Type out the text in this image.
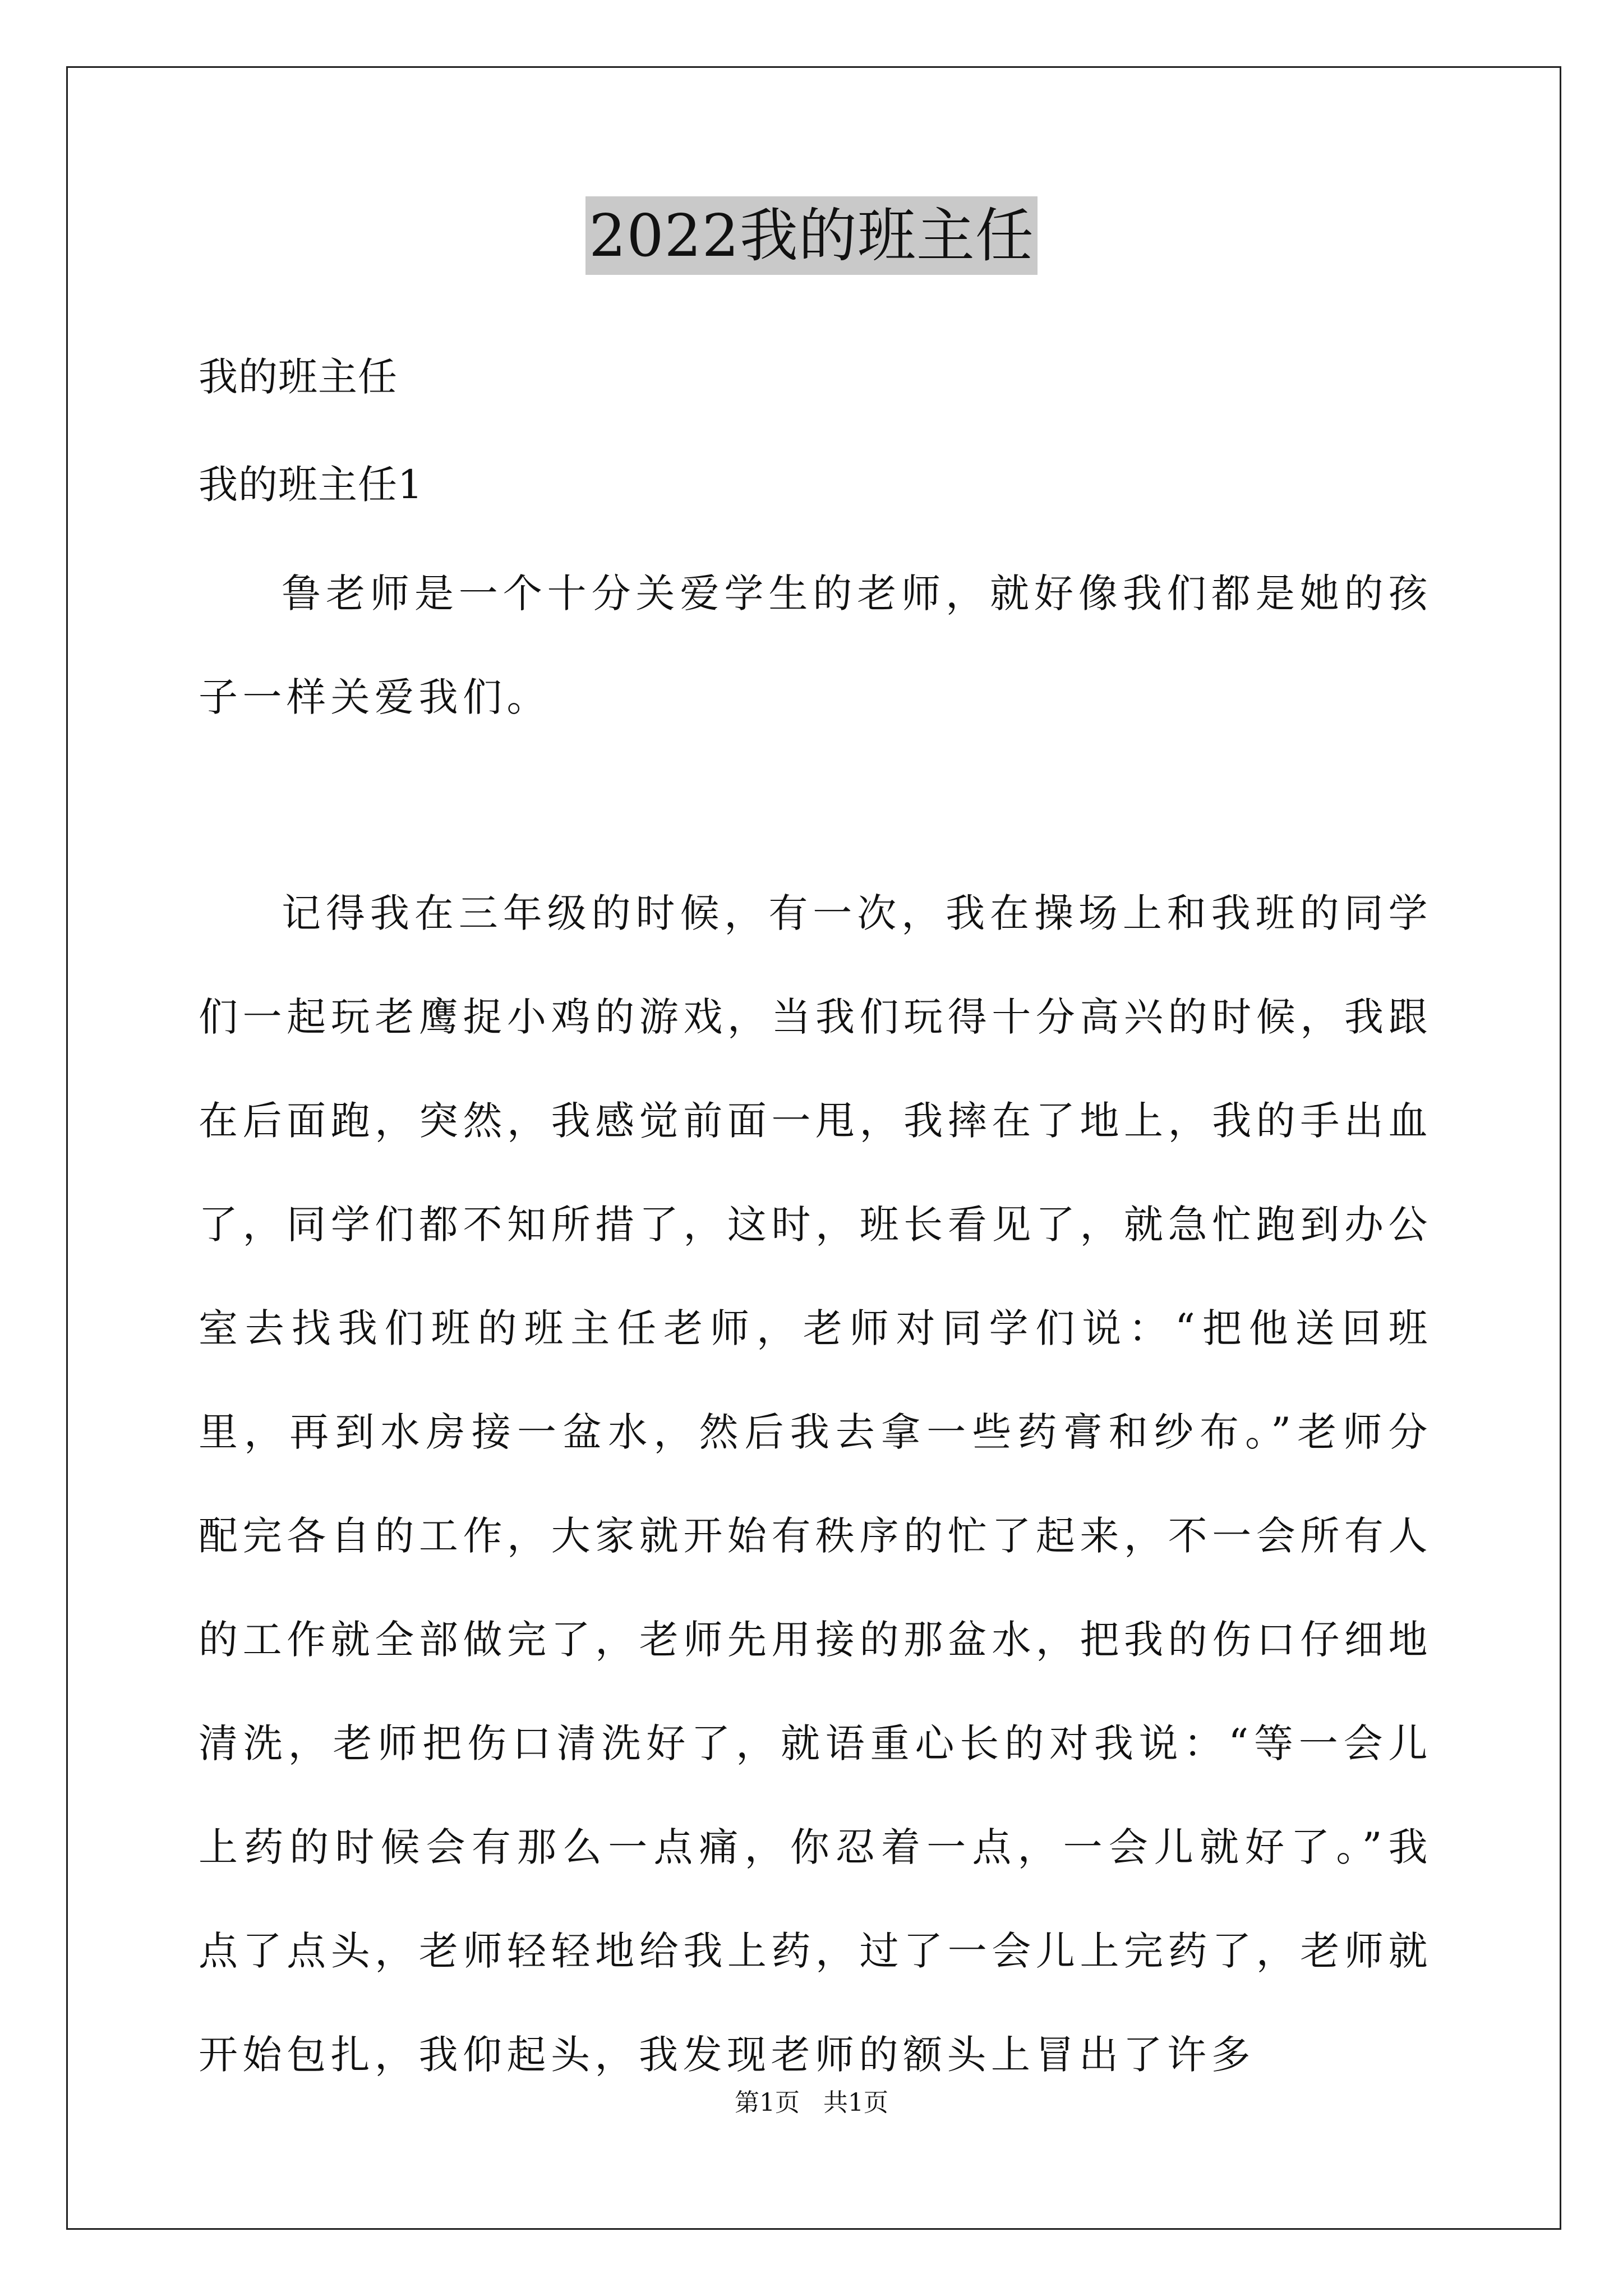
2022我的班主任
我的班主任
我的班主任1

鲁老师是一个十分关爱学生的老师，就好像我们都是她的孩子一样关爱我们。

记得我在三年级的时候，有一次，我在操场上和我班的同学们一起玩老鹰捉小鸡的游戏，当我们玩得十分高兴的时候，我跟在后面跑，突然，我感觉前面一甩，我摔在了地上，我的手出血了，同学们都不知所措了，这时，班长看见了，就急忙跑到办公室去找我们班的班主任老师，老师对同学们说：“把他送回班里，再到水房接一盆水，然后我去拿一些药膏和纱布。”老师分配完各自的工作，大家就开始有秩序的忙了起来，不一会所有人的工作就全部做完了，老师先用接的那盆水，把我的伤口仔细地清洗，老师把伤口清洗好了，就语重心长的对我说：“等一会儿上药的时候会有那么一点痛，你忍着一点，一会儿就好了。”我点了点头，老师轻轻地给我上药，过了一会儿上完药了，老师就开始包扎，我仰起头，我发现老师的额头上冒出了许多

第1页   共1页
